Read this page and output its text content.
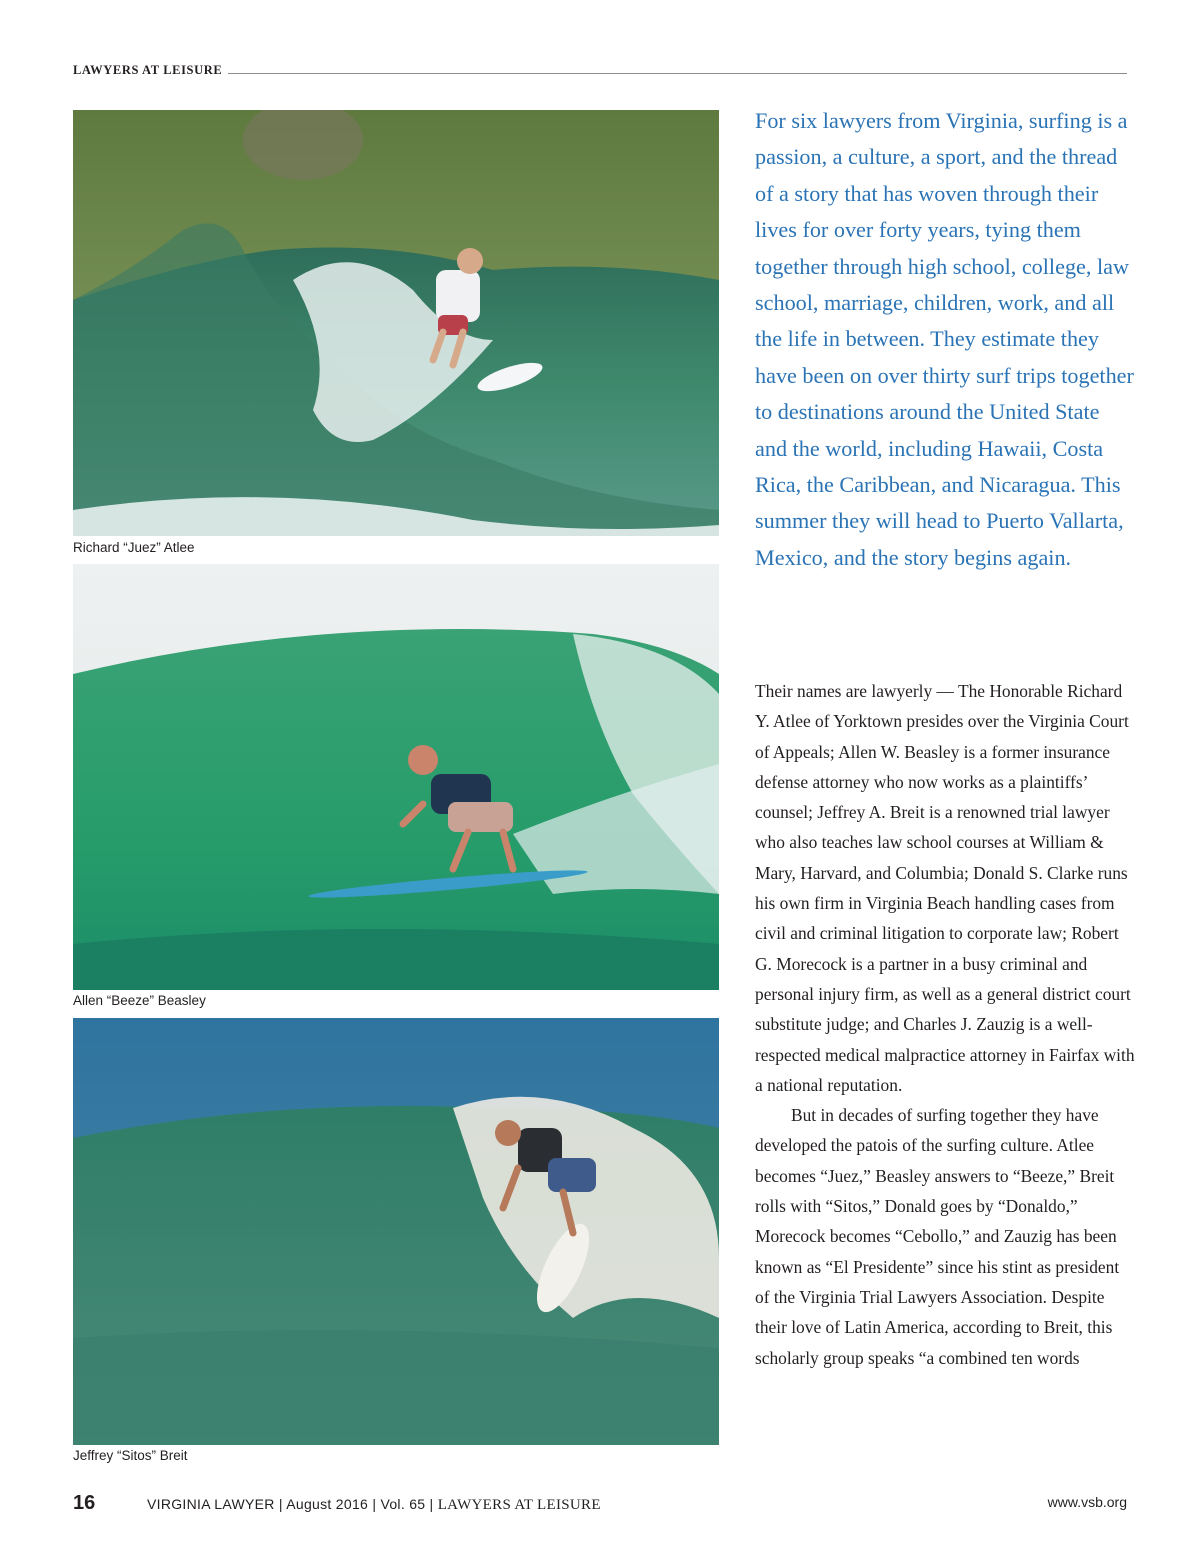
LAWYERS AT LEISURE
Richard “Juez” Atlee
Allen “Beeze” Beasley
Jeffrey “Sitos” Breit

For six lawyers from Virginia, surfing is a passion, a culture, a sport, and the thread of a story that has woven through their lives for over forty years, tying them together through high school, college, law school, marriage, children, work, and all the life in between. They estimate they have been on over thirty surf trips together to destinations around the United State and the world, including Hawaii, Costa Rica, the Caribbean, and Nicaragua. This summer they will head to Puerto Vallarta, Mexico, and the story begins again.

Their names are lawyerly — The Honorable Richard Y. Atlee of Yorktown presides over the Virginia Court of Appeals; Allen W. Beasley is a former insurance defense attorney who now works as a plaintiffs’ counsel; Jeffrey A. Breit is a renowned trial lawyer who also teaches law school courses at William & Mary, Harvard, and Columbia; Donald S. Clarke runs his own firm in Virginia Beach handling cases from civil and criminal litigation to corporate law; Robert G. Morecock is a partner in a busy criminal and personal injury firm, as well as a general district court substitute judge; and Charles J. Zauzig is a well-respected medical malpractice attorney in Fairfax with a national reputation.

But in decades of surfing together they have developed the patois of the surfing culture. Atlee becomes “Juez,” Beasley answers to “Beeze,” Breit rolls with “Sitos,” Donald goes by “Donaldo,” Morecock becomes “Cebollo,” and Zauzig has been known as “El Presidente” since his stint as president of the Virginia Trial Lawyers Association. Despite their love of Latin America, according to Breit, this scholarly group speaks “a combined ten words

16	VIRGINIA LAWYER | August 2016 | Vol. 65 | LAWYERS AT LEISURE	www.vsb.org
